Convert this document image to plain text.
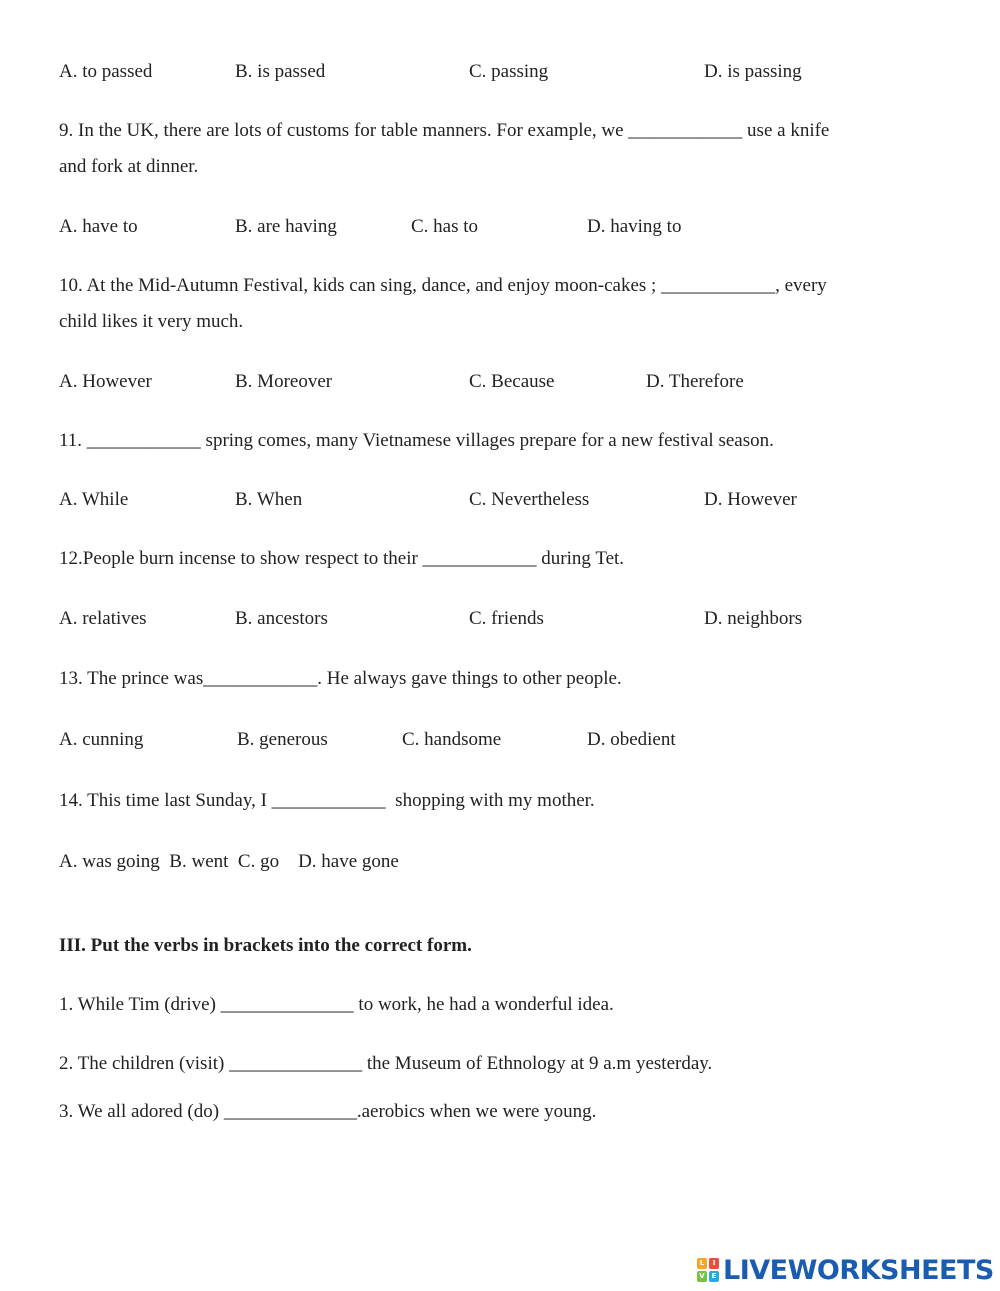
A. to passed	B. is passed	C. passing	D. is passing
9. In the UK, there are lots of customs for table manners. For example, we ____________ use a knife
and fork at dinner.
A. have to	B. are having	C. has to	D. having to
10. At the Mid-Autumn Festival, kids can sing, dance, and enjoy moon-cakes ; ____________, every
child likes it very much.
A. However	B. Moreover	C. Because	D. Therefore
11. ____________ spring comes, many Vietnamese villages prepare for a new festival season.
A. While	B. When	C. Nevertheless	D. However
12.People burn incense to show respect to their ____________ during Tet.
A. relatives	B. ancestors	C. friends	D. neighbors
13. The prince was____________. He always gave things to other people.
A. cunning	B. generous	C. handsome	D. obedient
14. This time last Sunday, I ____________  shopping with my mother.
A. was going  B. went  C. go    D. have gone
III. Put the verbs in brackets into the correct form.
1. While Tim (drive) ______________ to work, he had a wonderful idea.
2. The children (visit) ______________ the Museum of Ethnology at 9 a.m yesterday.
3. We all adored (do) ______________.aerobics when we were young.
L	I
V E LIVEWORKSHEETS
